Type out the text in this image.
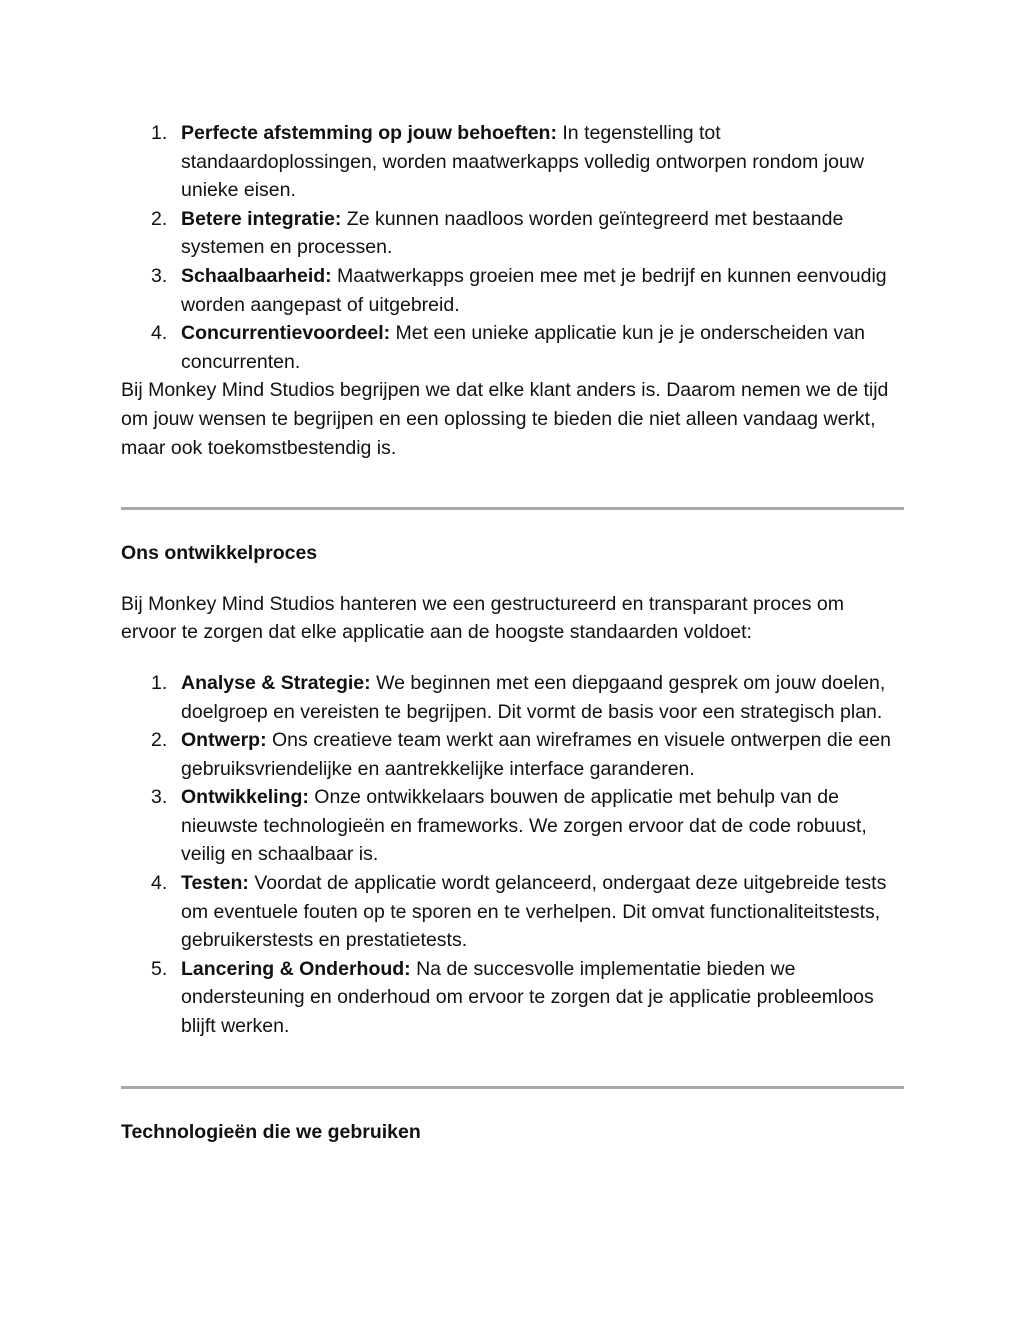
1. Perfecte afstemming op jouw behoeften: In tegenstelling tot standaardoplossingen, worden maatwerkapps volledig ontworpen rondom jouw unieke eisen.
2. Betere integratie: Ze kunnen naadloos worden geïntegreerd met bestaande systemen en processen.
3. Schaalbaarheid: Maatwerkapps groeien mee met je bedrijf en kunnen eenvoudig worden aangepast of uitgebreid.
4. Concurrentievoordeel: Met een unieke applicatie kun je je onderscheiden van concurrenten.

Bij Monkey Mind Studios begrijpen we dat elke klant anders is. Daarom nemen we de tijd om jouw wensen te begrijpen en een oplossing te bieden die niet alleen vandaag werkt, maar ook toekomstbestendig is.

Ons ontwikkelproces

Bij Monkey Mind Studios hanteren we een gestructureerd en transparant proces om ervoor te zorgen dat elke applicatie aan de hoogste standaarden voldoet:

1. Analyse & Strategie: We beginnen met een diepgaand gesprek om jouw doelen, doelgroep en vereisten te begrijpen. Dit vormt de basis voor een strategisch plan.
2. Ontwerp: Ons creatieve team werkt aan wireframes en visuele ontwerpen die een gebruiksvriendelijke en aantrekkelijke interface garanderen.
3. Ontwikkeling: Onze ontwikkelaars bouwen de applicatie met behulp van de nieuwste technologieën en frameworks. We zorgen ervoor dat de code robuust, veilig en schaalbaar is.
4. Testen: Voordat de applicatie wordt gelanceerd, ondergaat deze uitgebreide tests om eventuele fouten op te sporen en te verhelpen. Dit omvat functionaliteitstests, gebruikerstests en prestatietests.
5. Lancering & Onderhoud: Na de succesvolle implementatie bieden we ondersteuning en onderhoud om ervoor te zorgen dat je applicatie probleemloos blijft werken.
Technologieën die we gebruiken
